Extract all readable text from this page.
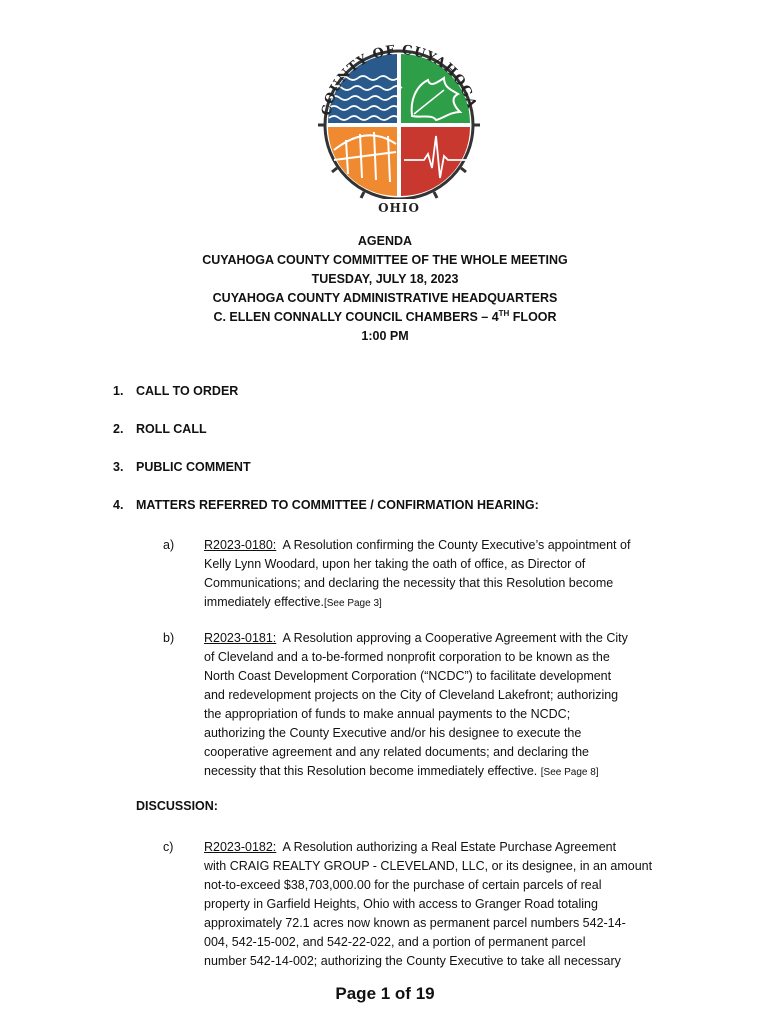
COUNTY OF CUYAHOGA
OHIO
AGENDA
CUYAHOGA COUNTY COMMITTEE OF THE WHOLE MEETING
TUESDAY, JULY 18, 2023
CUYAHOGA COUNTY ADMINISTRATIVE HEADQUARTERS
C. ELLEN CONNALLY COUNCIL CHAMBERS – 4TH FLOOR
1:00 PM
1. CALL TO ORDER
2. ROLL CALL
3. PUBLIC COMMENT
4. MATTERS REFERRED TO COMMITTEE / CONFIRMATION HEARING:
a) R2023-0180: A Resolution confirming the County Executive’s appointment of
Kelly Lynn Woodard, upon her taking the oath of office, as Director of
Communications; and declaring the necessity that this Resolution become
immediately effective.[See Page 3]
b) R2023-0181: A Resolution approving a Cooperative Agreement with the City
of Cleveland and a to-be-formed nonprofit corporation to be known as the
North Coast Development Corporation (“NCDC”) to facilitate development
and redevelopment projects on the City of Cleveland Lakefront; authorizing
the appropriation of funds to make annual payments to the NCDC;
authorizing the County Executive and/or his designee to execute the
cooperative agreement and any related documents; and declaring the
necessity that this Resolution become immediately effective. [See Page 8]
DISCUSSION:
c) R2023-0182: A Resolution authorizing a Real Estate Purchase Agreement
with CRAIG REALTY GROUP - CLEVELAND, LLC, or its designee, in an amount
not-to-exceed $38,703,000.00 for the purchase of certain parcels of real
property in Garfield Heights, Ohio with access to Granger Road totaling
approximately 72.1 acres now known as permanent parcel numbers 542-14-
004, 542-15-002, and 542-22-022, and a portion of permanent parcel
number 542-14-002; authorizing the County Executive to take all necessary
Page 1 of 19
